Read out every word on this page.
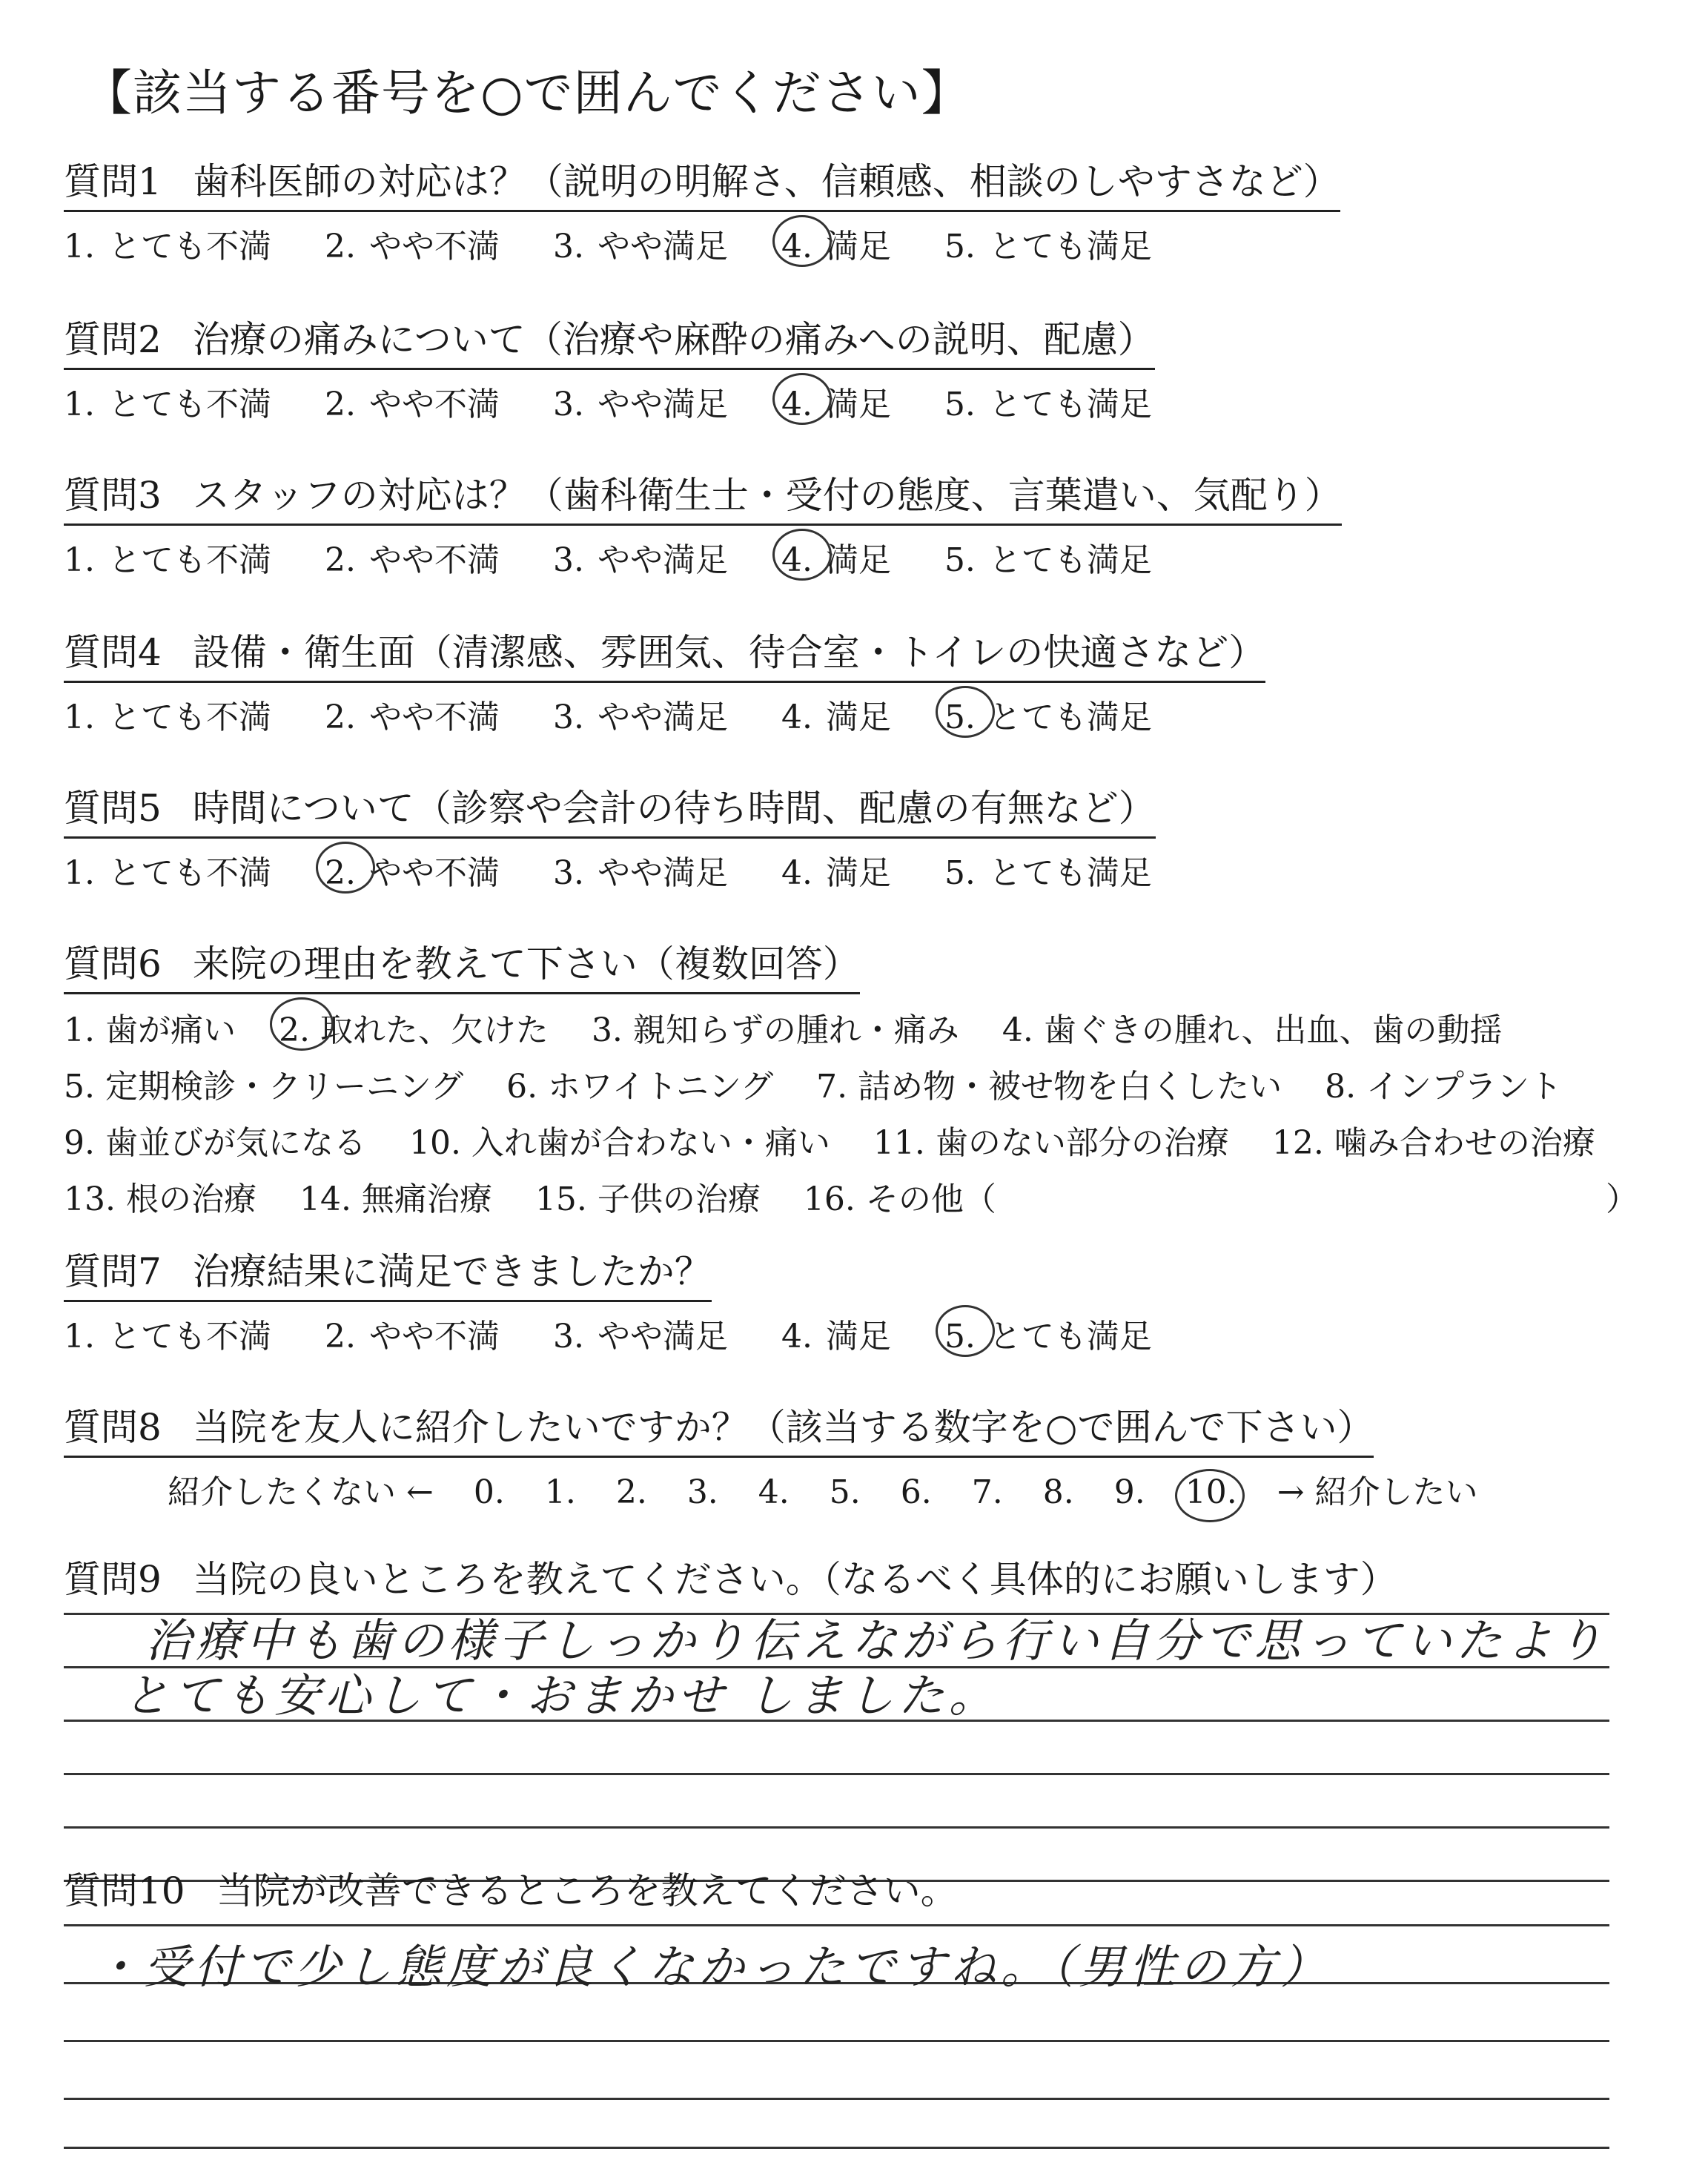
【該当する番号を○で囲んでください】
質問1 歯科医師の対応は？（説明の明解さ、信頼感、相談のしやすさなど）
1. とても不満 2. やや不満 3. やや満足 4. 満足 5. とても満足
質問2 治療の痛みについて（治療や麻酔の痛みへの説明、配慮）
1. とても不満 2. やや不満 3. やや満足 4. 満足 5. とても満足
質問3 スタッフの対応は？（歯科衛生士・受付の態度、言葉遣い、気配り）
1. とても不満 2. やや不満 3. やや満足 4. 満足 5. とても満足
質問4 設備・衛生面（清潔感、雰囲気、待合室・トイレの快適さなど）
1. とても不満 2. やや不満 3. やや満足 4. 満足 5. とても満足
質問5 時間について（診察や会計の待ち時間、配慮の有無など）
1. とても不満 2. やや不満 3. やや満足 4. 満足 5. とても満足
質問6 来院の理由を教えて下さい（複数回答）
1. 歯が痛い 2. 取れた、欠けた 3. 親知らずの腫れ・痛み 4. 歯ぐきの腫れ、出血、歯の動揺
5. 定期検診・クリーニング 6. ホワイトニング 7. 詰め物・被せ物を白くしたい 8. インプラント
9. 歯並びが気になる 10. 入れ歯が合わない・痛い 11. 歯のない部分の治療 12. 噛み合わせの治療
13. 根の治療 14. 無痛治療 15. 子供の治療 16. その他（	）
質問7 治療結果に満足できましたか？
1. とても不満 2. やや不満 3. やや満足 4. 満足 5. とても満足
質問8 当院を友人に紹介したいですか？（該当する数字を○で囲んで下さい）
紹介したくない ← 0. 1. 2. 3. 4. 5. 6. 7. 8. 9. 10. → 紹介したい
質問9 当院の良いところを教えてください。（なるべく具体的にお願いします）
治療中も歯の様子しっかり伝えながら行い自分で思っていたより
とても安心して・おまかせ しました。
質問10 当院が改善できるところを教えてください。
・受付で少し態度が良くなかったですね。（男性の方）
